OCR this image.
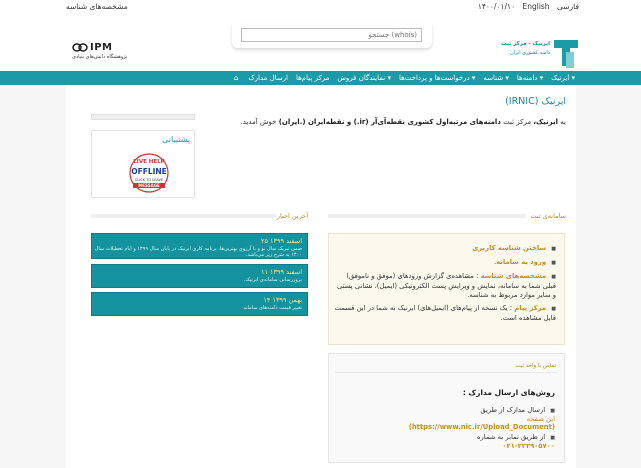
مشخصه‌های شناسه	۱۴۰۰/۰۱/۱۰ English فارسی
(whois) جستجو
IPM
پژوهشگاه دانش‌های بنیادی
ایرنیک - مرکز ثبت
دامنه کشوری ایران
ایرنیک ▾
دامنه‌ها ▾
شناسه ▾
درخواست‌ها و پرداخت‌ها ▾
نمایندگان فروش ▾
مرکز پیام‌ها
ارسال مدارک
⌂
ایرنیک (IRNIC)
به ایرنیک، مرکز ثبت دامنه‌های مرتبه‌اول کشوری نقطه‌آی‌آر (ir.) و نقطه‌ایران (.ایران) خوش آمدید.
پشتیبانی
LIVE HELP
OFFLINE
CLICK TO LEAVE
MESSAGE
آخرین اخبار
۲۵ اسفند ۱۳۹۹
ضمن تبریک سال نو و با آرزوی بهترین‌ها، برنامه کاری ایرنیک در پایان سال ۱۳۹۹ و ایام تعطیلات سال ۱۴۰۰ به شرح زیر می‌باشد.
۱۱ اسفند ۱۳۹۹
بروزرسانی سامانه‌ی ایرنیک.
۱۴ بهمن ۱۳۹۹
تغییر قیمت دامنه‌های سامانه
سامانه‌ی ثبت
■ ساختن شناسه کاربری
■ ورود به سامانه.
■ مشخصه‌های شناسه : مشاهده‌ی گزارش ورودهای (موفق و ناموفق) قبلی شما به سامانه، نمایش و ویرایش پست الکترونیکی (ایمیل)، نشانی پستی و سایر موارد مربوط به شناسه.
■ مرکز پیام : یک نسخه از پیام‌های (ایمیل‌های) ایرنیک به شما در این قسمت قابل مشاهده است.
تماس با واحد ثبت
روش‌های ارسال مدارک :
■ ارسال مدارک از طریق
این صفحه
(https://www.nic.ir/Upload_Document)
■ از طریق نمابر به شماره
۰۲۱-۲۲۲۹۰۵۷۰۰
